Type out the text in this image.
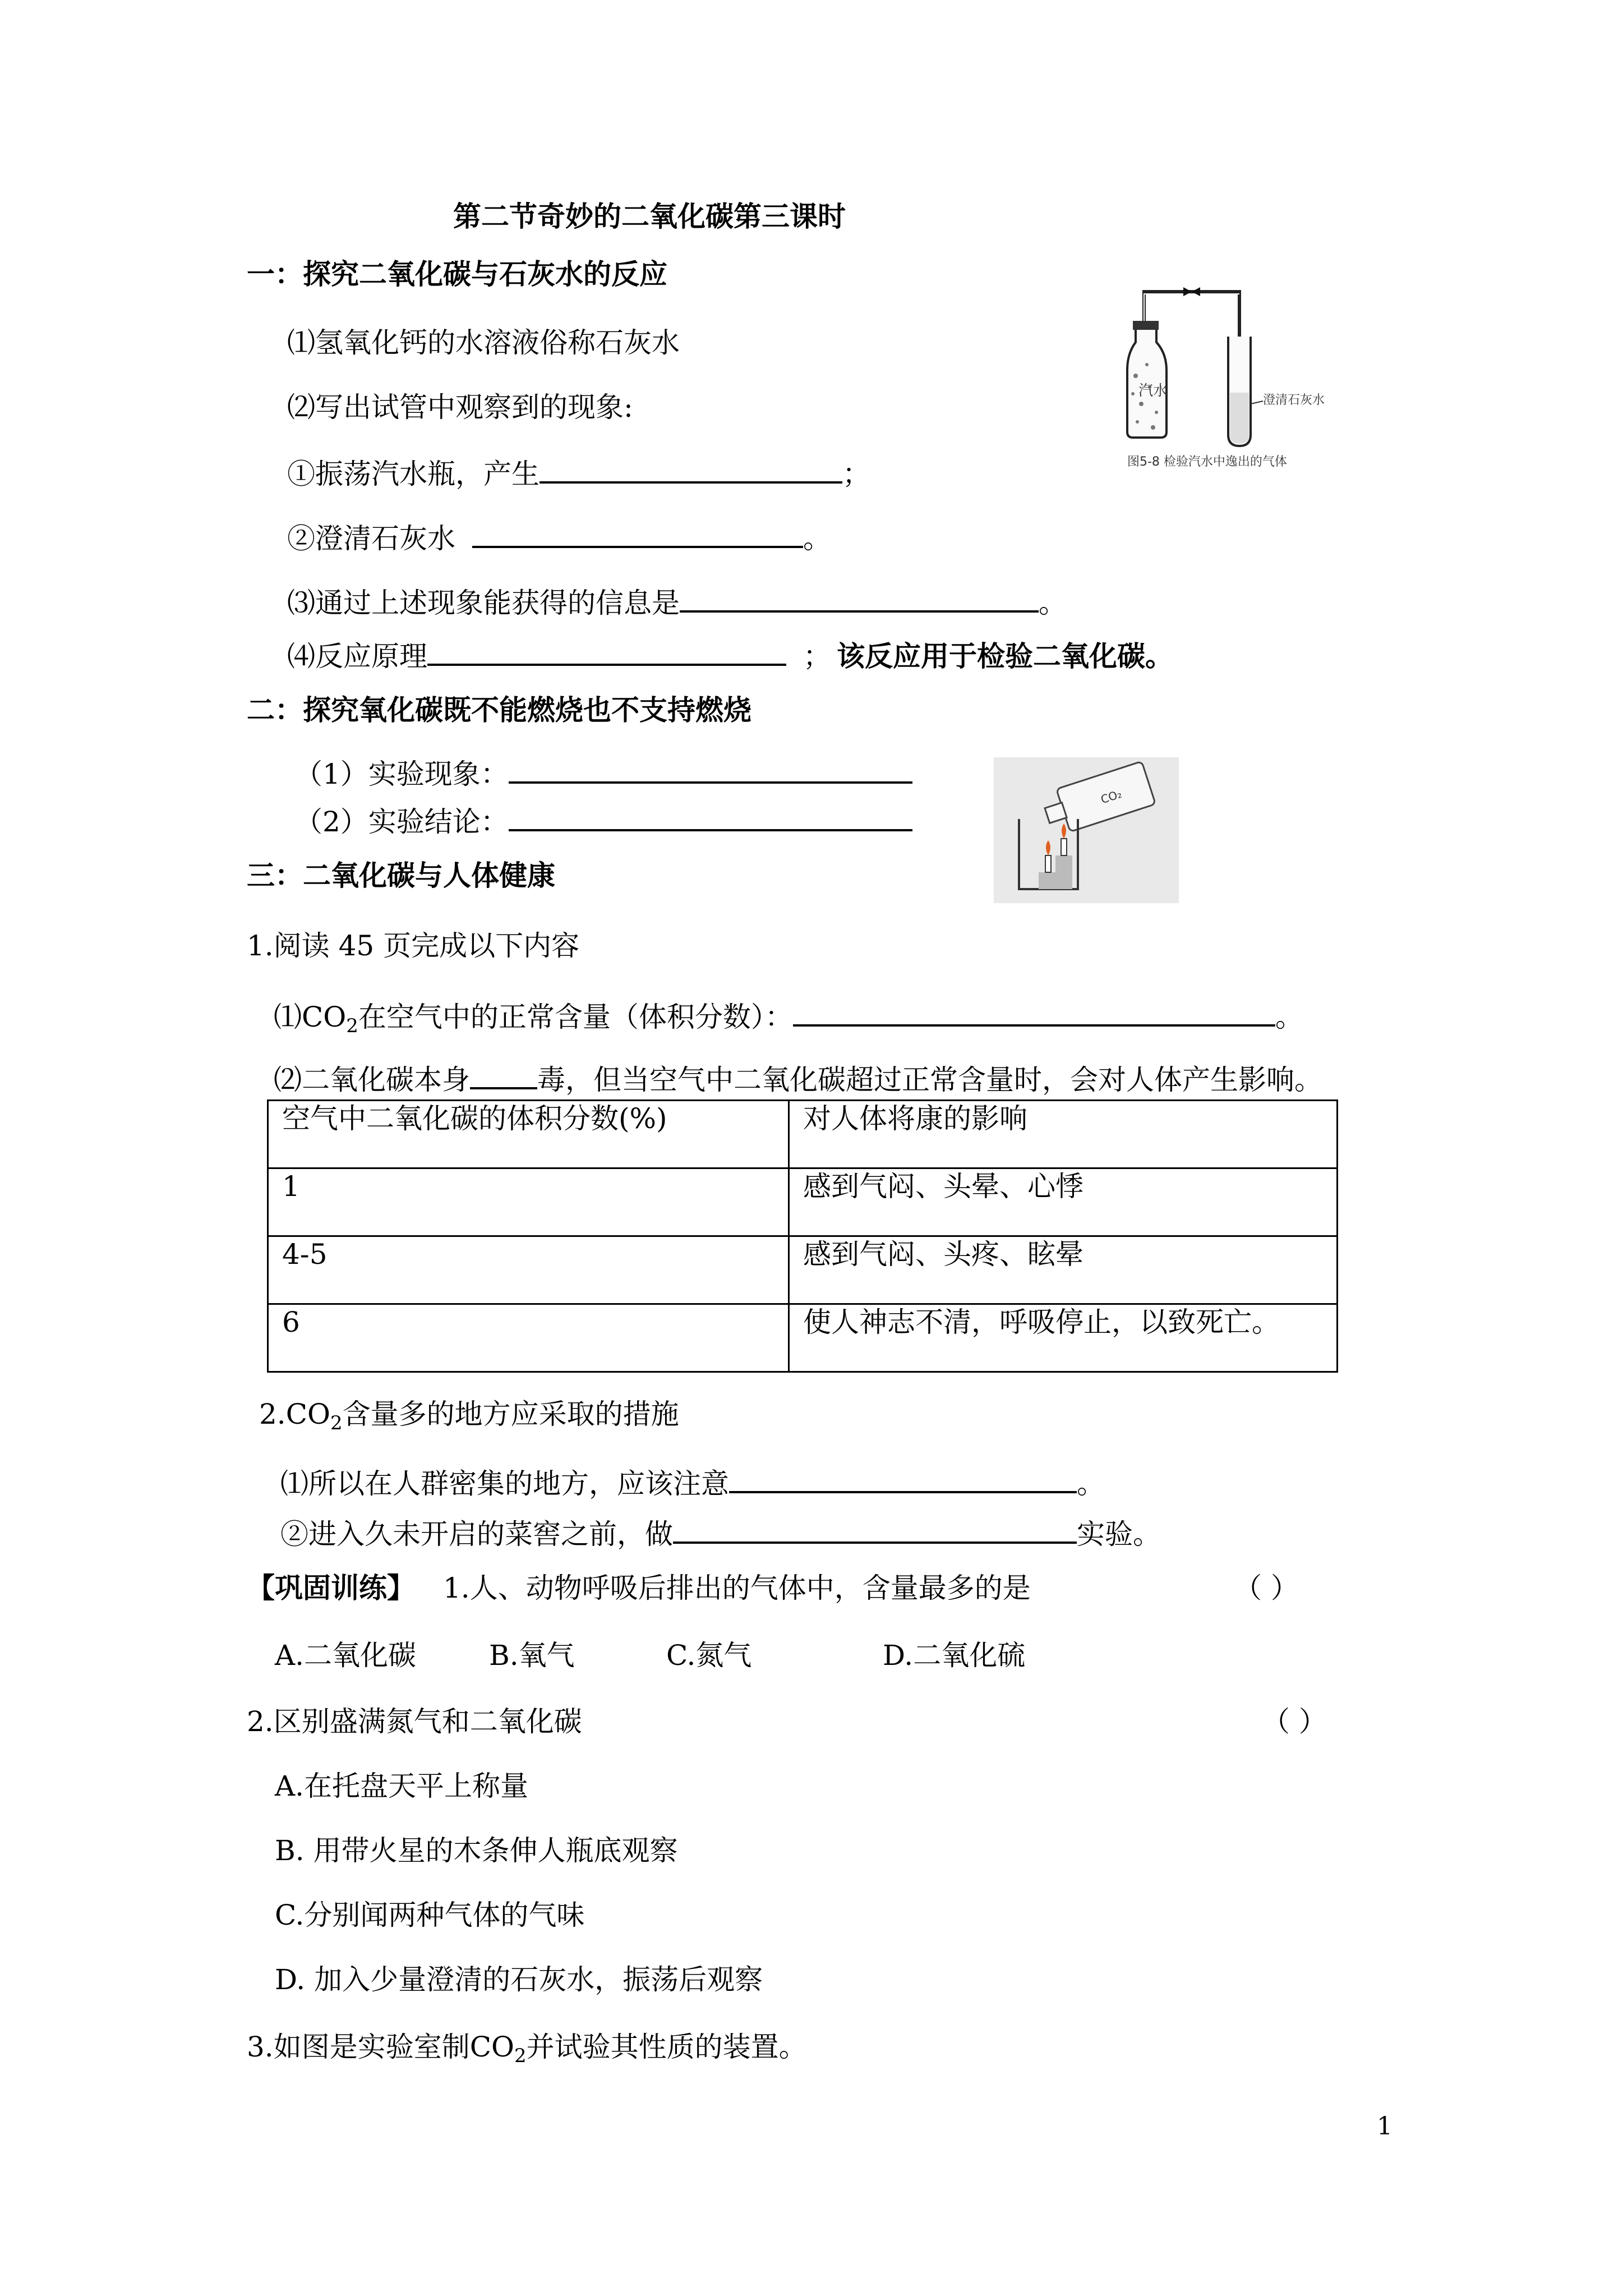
第二节奇妙的二氧化碳第三课时
一：探究二氧化碳与石灰水的反应
⑴氢氧化钙的水溶液俗称石灰水
⑵写出试管中观察到的现象:
①振荡汽水瓶，产生	；
②澄清石灰水	。
⑶通过上述现象能获得的信息是	。
⑷反应原理	； 该反应用于检验二氧化碳。
汽水
澄清石灰水
图5-8 检验汽水中逸出的气体
二：探究氧化碳既不能燃烧也不支持燃烧
（1）实验现象：
（2）实验结论：
CO₂
三：二氧化碳与人体健康
1.阅读 45 页完成以下内容
$⑴CO_2$在空气中的正常含量（体积分数）：	。
⑵二氧化碳本身 毒，但当空气中二氧化碳超过正常含量时，会对人体产生影响。
空气中二氧化碳的体积分数(%)	对人体将康的影响
1	感到气闷、头晕、心悸
4-5	感到气闷、头疼、眩晕
6	使人神志不清，呼吸停止，以致死亡。
$2.CO_2$含量多的地方应采取的措施
⑴所以在人群密集的地方，应该注意	。
②进入久未开启的菜窖之前，做	实验。
【巩固训练】 1.人、动物呼吸后排出的气体中，含量最多的是	（ ）
A.二氧化碳	B.氧气	C.氮气	D.二氧化硫
2.区别盛满氮气和二氧化碳	（ ）
A.在托盘天平上称量
B. 用带火星的木条伸人瓶底观察
C.分别闻两种气体的气味
D. 加入少量澄清的石灰水，振荡后观察
3.如图是实验室制$CO_2$并试验其性质的装置。
1
